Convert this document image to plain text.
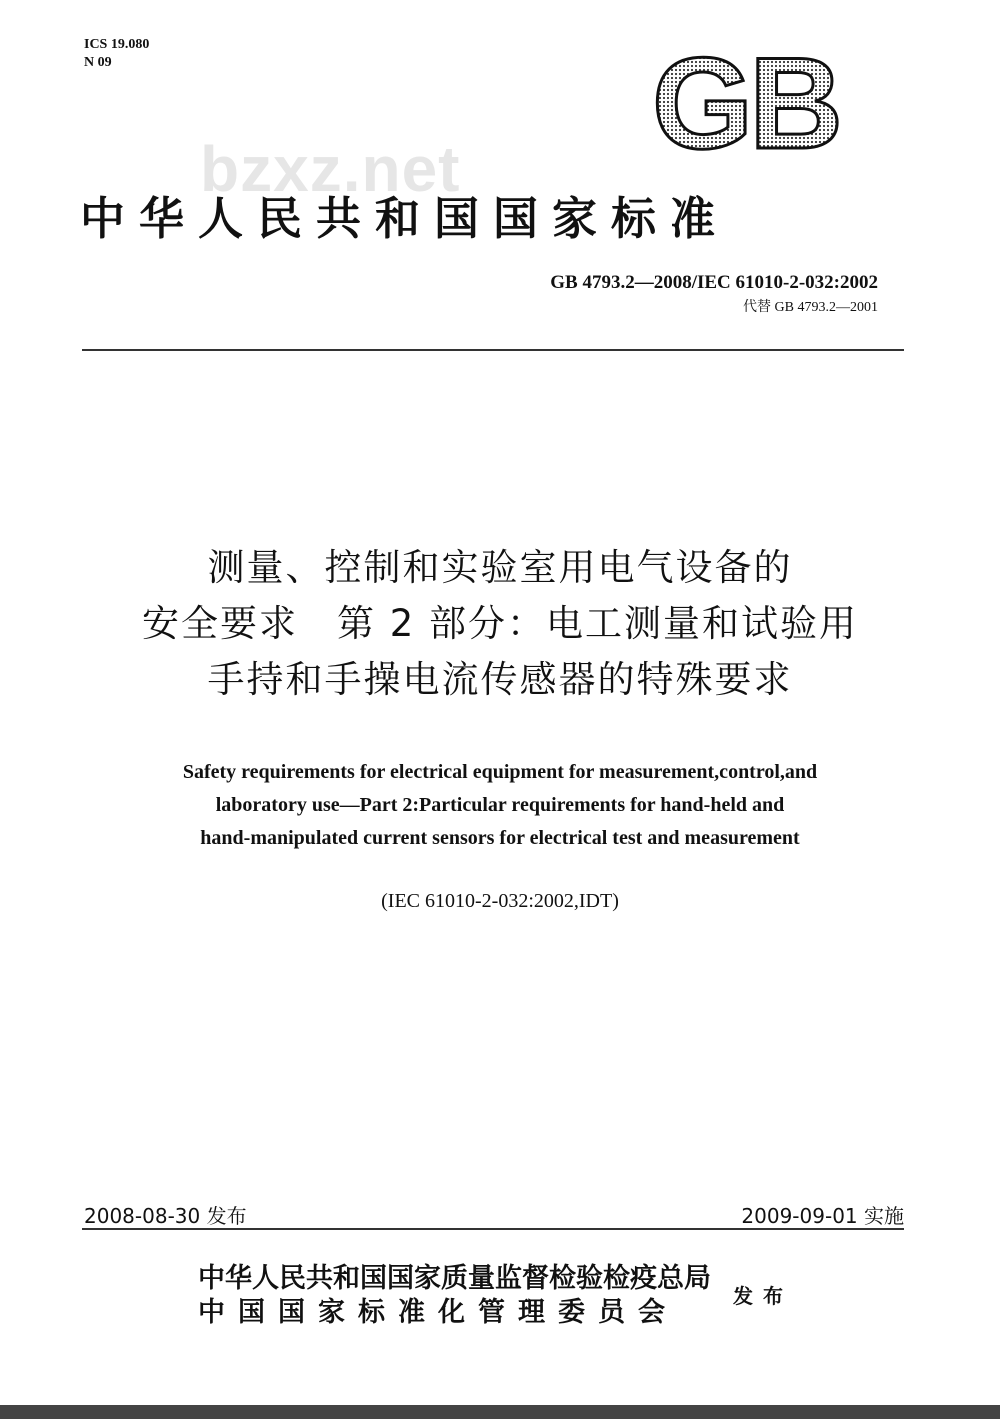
ICS 19.080
N 09	GB
bzxz.net
中华人民共和国国家标准
GB 4793.2—2008/IEC 61010-2-032:2002
代替 GB 4793.2—2001
测量、控制和实验室用电气设备的
安全要求　第 2 部分：电工测量和试验用
手持和手操电流传感器的特殊要求
Safety requirements for electrical equipment for measurement,control,and
laboratory use—Part 2:Particular requirements for hand-held and
hand-manipulated current sensors for electrical test and measurement
(IEC 61010-2-032:2002,IDT)
2008-08-30 发布	2009-09-01 实施
中华人民共和国国家质量监督检验检疫总局
中国国家标准化管理委员会
发布
